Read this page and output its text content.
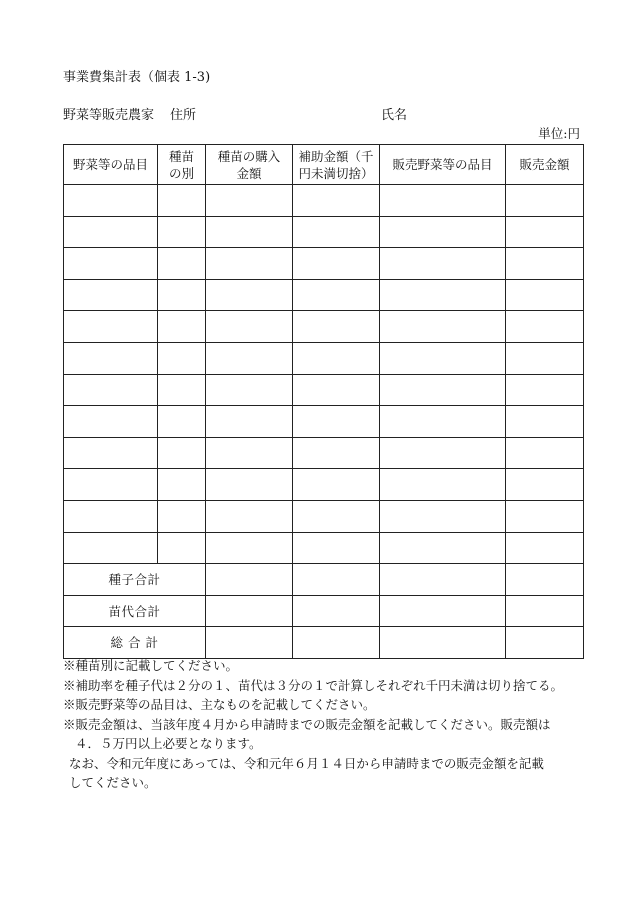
事業費集計表（個表 1-3)
野菜等販売農家 住所	氏名
単位:円
野菜等の品目	種苗の別	種苗の購入金額	補助金額（千円未満切捨）	販売野菜等の品目	販売金額

種子合計					
苗代合計					
総 合 計					
※種苗別に記載してください。
※補助率を種子代は２分の１、苗代は３分の１で計算しそれぞれ千円未満は切り捨てる。
※販売野菜等の品目は、主なものを記載してください。
※販売金額は、当該年度４月から申請時までの販売金額を記載してください。販売額は
４．５万円以上必要となります。
なお、令和元年度にあっては、令和元年６月１４日から申請時までの販売金額を記載
してください。
